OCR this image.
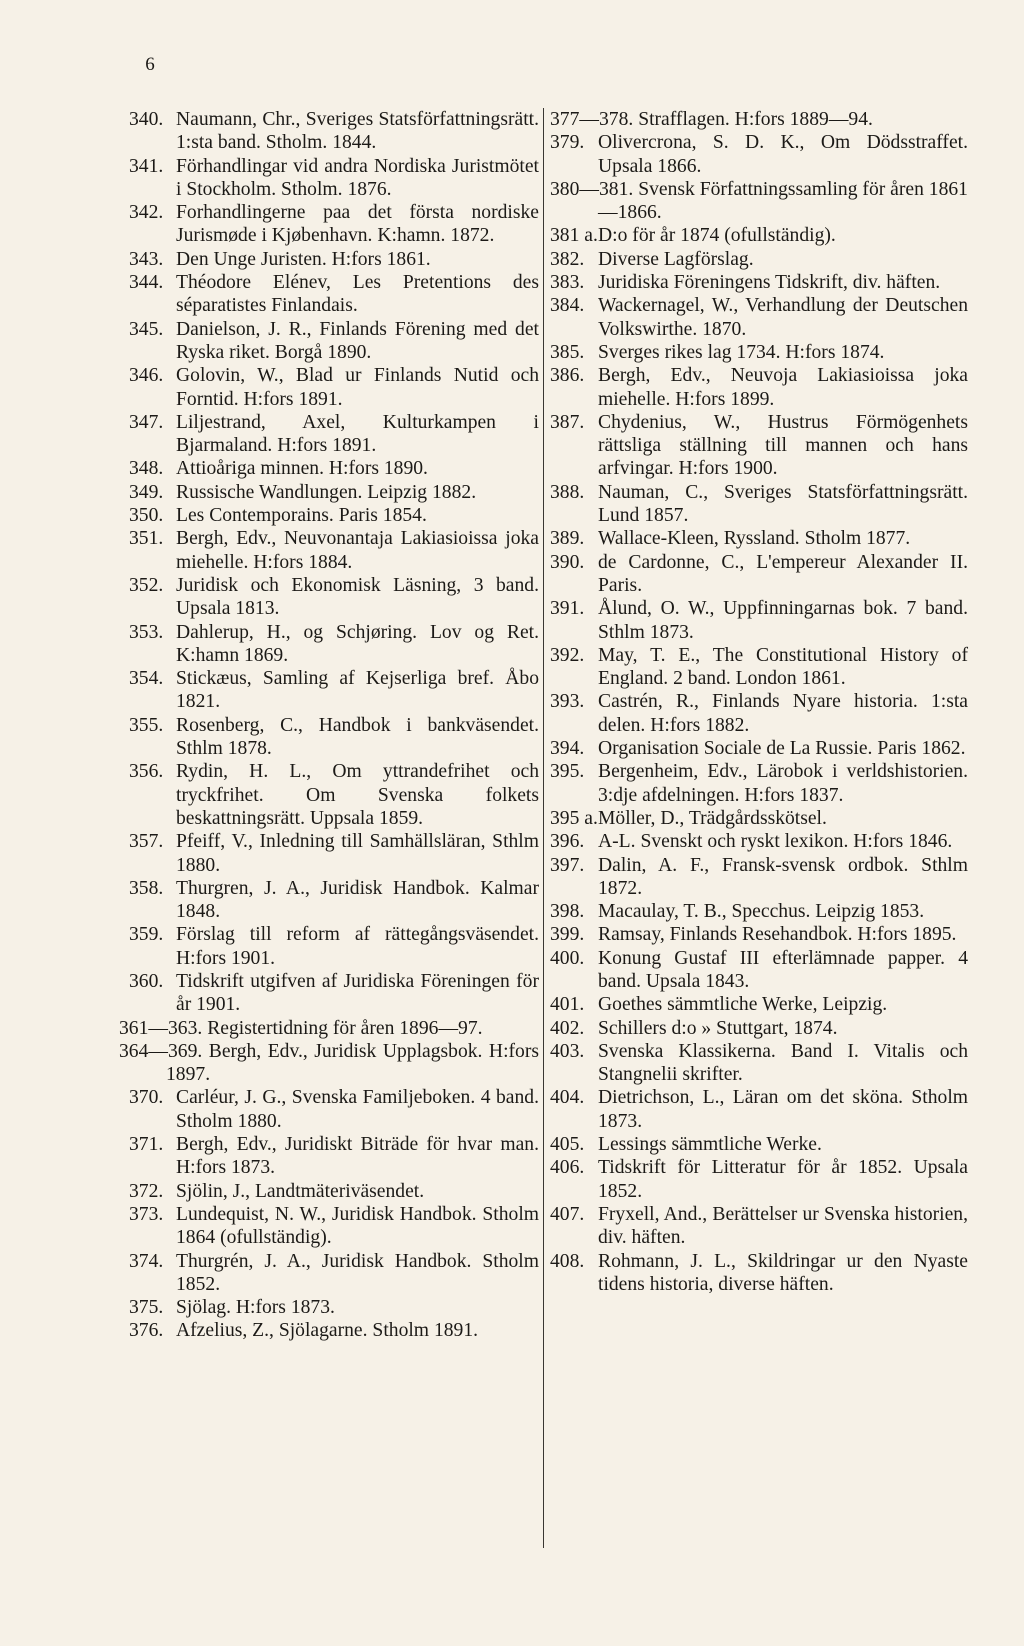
6
340. Naumann, Chr., Sveriges Statsförfattningsrätt. 1:sta band. Stholm. 1844.
341. Förhandlingar vid andra Nordiska Juristmötet i Stockholm. Stholm. 1876.
342. Forhandlingerne paa det första nordiske Jurismøde i Kjøbenhavn. K:hamn. 1872.
343. Den Unge Juristen. H:fors 1861.
344. Théodore Elénev, Les Pretentions des séparatistes Finlandais.
345. Danielson, J. R., Finlands Förening med det Ryska riket. Borgå 1890.
346. Golovin, W., Blad ur Finlands Nutid och Forntid. H:fors 1891.
347. Liljestrand, Axel, Kulturkampen i Bjarmaland. H:fors 1891.
348. Attioåriga minnen. H:fors 1890.
349. Russische Wandlungen. Leipzig 1882.
350. Les Contemporains. Paris 1854.
351. Bergh, Edv., Neuvonantaja Lakiasioissa joka miehelle. H:fors 1884.
352. Juridisk och Ekonomisk Läsning, 3 band. Upsala 1813.
353. Dahlerup, H., og Schjøring. Lov og Ret. K:hamn 1869.
354. Stickæus, Samling af Kejserliga bref. Åbo 1821.
355. Rosenberg, C., Handbok i bankväsendet. Sthlm 1878.
356. Rydin, H. L., Om yttrandefrihet och tryckfrihet. Om Svenska folkets beskattningsrätt. Uppsala 1859.
357. Pfeiff, V., Inledning till Samhällsläran, Sthlm 1880.
358. Thurgren, J. A., Juridisk Handbok. Kalmar 1848.
359. Förslag till reform af rättegångsväsendet. H:fors 1901.
360. Tidskrift utgifven af Juridiska Föreningen för år 1901.
361—363. Registertidning för åren 1896—97.
364—369. Bergh, Edv., Juridisk Upplagsbok. H:fors 1897.
370. Carléur, J. G., Svenska Familjeboken. 4 band. Stholm 1880.
371. Bergh, Edv., Juridiskt Biträde för hvar man. H:fors 1873.
372. Sjölin, J., Landtmäteriväsendet.
373. Lundequist, N. W., Juridisk Handbok. Stholm 1864 (ofullständig).
374. Thurgrén, J. A., Juridisk Handbok. Stholm 1852.
375. Sjölag. H:fors 1873.
376. Afzelius, Z., Sjölagarne. Stholm 1891.
377—378. Strafflagen. H:fors 1889—94.
379. Olivercrona, S. D. K., Om Dödsstraffet. Upsala 1866.
380—381. Svensk Författningssamling för åren 1861—1866.
381 a. D:o för år 1874 (ofullständig).
382. Diverse Lagförslag.
383. Juridiska Föreningens Tidskrift, div. häften.
384. Wackernagel, W., Verhandlung der Deutschen Volkswirthe. 1870.
385. Sverges rikes lag 1734. H:fors 1874.
386. Bergh, Edv., Neuvoja Lakiasioissa joka miehelle. H:fors 1899.
387. Chydenius, W., Hustrus Förmögenhets rättsliga ställning till mannen och hans arfvingar. H:fors 1900.
388. Nauman, C., Sveriges Statsförfattningsrätt. Lund 1857.
389. Wallace-Kleen, Ryssland. Stholm 1877.
390. de Cardonne, C., L'empereur Alexander II. Paris.
391. Ålund, O. W., Uppfinningarnas bok. 7 band. Sthlm 1873.
392. May, T. E., The Constitutional History of England. 2 band. London 1861.
393. Castrén, R., Finlands Nyare historia. 1:sta delen. H:fors 1882.
394. Organisation Sociale de La Russie. Paris 1862.
395. Bergenheim, Edv., Lärobok i verldshistorien. 3:dje afdelningen. H:fors 1837.
395 a. Möller, D., Trädgårdsskötsel.
396. A-L. Svenskt och ryskt lexikon. H:fors 1846.
397. Dalin, A. F., Fransk-svensk ordbok. Sthlm 1872.
398. Macaulay, T. B., Specchus. Leipzig 1853.
399. Ramsay, Finlands Resehandbok. H:fors 1895.
400. Konung Gustaf III efterlämnade papper. 4 band. Upsala 1843.
401. Goethes sämmtliche Werke, Leipzig.
402. Schillers d:o » Stuttgart, 1874.
403. Svenska Klassikerna. Band I. Vitalis och Stangnelii skrifter.
404. Dietrichson, L., Läran om det sköna. Stholm 1873.
405. Lessings sämmtliche Werke.
406. Tidskrift för Litteratur för år 1852. Upsala 1852.
407. Fryxell, And., Berättelser ur Svenska historien, div. häften.
408. Rohmann, J. L., Skildringar ur den Nyaste tidens historia, diverse häften.
